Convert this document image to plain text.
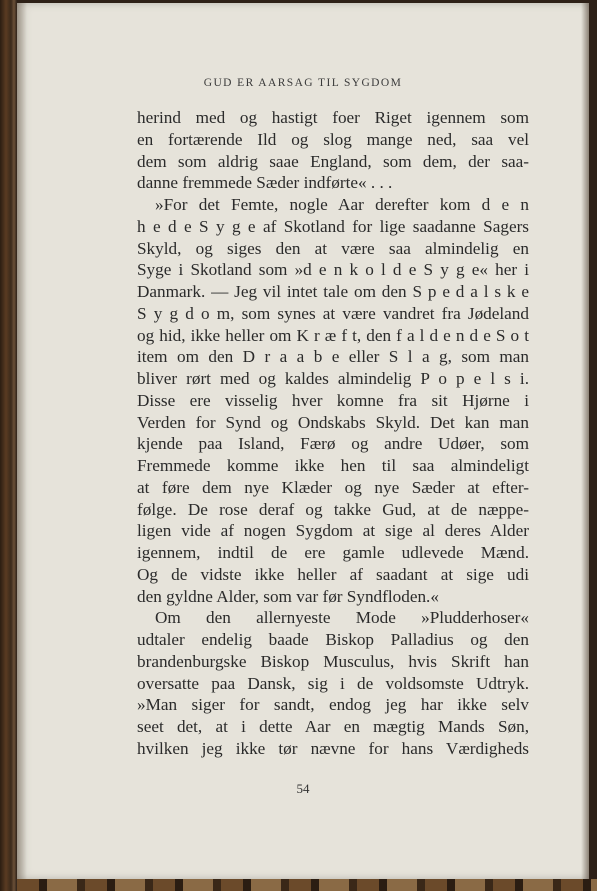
GUD ER AARSAG TIL SYGDOM
herind med og hastigt foer Riget igennem som
en fortærende Ild og slog mange ned, saa vel
dem som aldrig saae England, som dem, der saa-
danne fremmede Sæder indførte« . . .
»For det Femte, nogle Aar derefter kom d e n
h e d e S y g e af Skotland for lige saadanne Sagers
Skyld, og siges den at være saa almindelig en
Syge i Skotland som »d e n k o l d e S y g e« her i
Danmark. — Jeg vil intet tale om den S p e d a l s k e
S y g d o m, som synes at være vandret fra Jødeland
og hid, ikke heller om K r æ f t, den f a l d e n d e S o t
item om den D r a a b e eller S l a g, som man
bliver rørt med og kaldes almindelig P o p e l s i.
Disse ere visselig hver komne fra sit Hjørne i
Verden for Synd og Ondskabs Skyld. Det kan man
kjende paa Island, Færø og andre Udøer, som
Fremmede komme ikke hen til saa almindeligt
at føre dem nye Klæder og nye Sæder at efter-
følge. De rose deraf og takke Gud, at de næppe-
ligen vide af nogen Sygdom at sige al deres Alder
igennem, indtil de ere gamle udlevede Mænd.
Og de vidste ikke heller af saadant at sige udi
den gyldne Alder, som var før Syndfloden.«
Om den allernyeste Mode »Pludderhoser«
udtaler endelig baade Biskop Palladius og den
brandenburgske Biskop Musculus, hvis Skrift han
oversatte paa Dansk, sig i de voldsomste Udtryk.
»Man siger for sandt, endog jeg har ikke selv
seet det, at i dette Aar en mægtig Mands Søn,
hvilken jeg ikke tør nævne for hans Værdigheds
54
